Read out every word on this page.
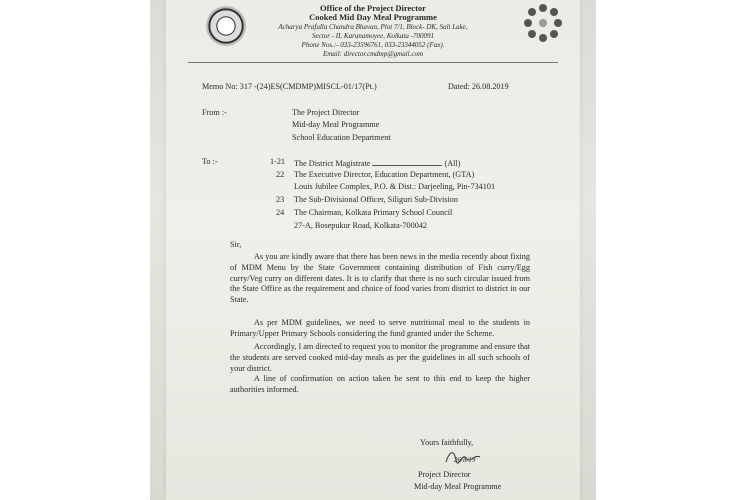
Office of the Project Director
Cooked Mid Day Meal Programme
Acharya Prafulla Chandra Bhavan, Plot 7/1, Block- DK, Salt Lake,
Sector - II, Karunamoyee, Kolkata -700091
Phone Nos.:- 033-23596761, 033-23344052 (Fax).
Email: director.cmdmp@gmail.com
Memo No: 317 -(24)ES(CMDMP)MISCL-01/17(Pt.)	Dated: 26.08.2019
From :-	The Project Director
Mid-day Meal Programme
School Education Department
To :-	1-21 The District Magistrate	(All)
22 The Executive Director, Education Department, (GTA)
Louis Jubilee Complex, P.O. & Dist.: Darjeeling, Pin-734101
23 The Sub-Divisional Officer, Siliguri Sub-Division
24 The Chairman, Kolkata Primary School Council
27-A, Bosepukur Road, Kolkata-700042
Sir,
As you are kindly aware that there has been news in the media recently about fixing of MDM Menu by the State Government containing distribution of Fish curry/Egg curry/Veg curry on different dates. It is to clarify that there is no such circular issued from the State Office as the requirement and choice of food varies from district to district in our State.
As per MDM guidelines, we need to serve nutritional meal to the students in Primary/Upper Primary Schools considering the fund granted under the Scheme.
Accordingly, I am directed to request you to monitor the programme and ensure that the students are served cooked mid-day meals as per the guidelines in all such schools of your district.
A line of confirmation on action taken be sent to this end to keep the higher authorities informed.
Yours faithfully,
26/8/19
Project Director
Mid-day Meal Programme
